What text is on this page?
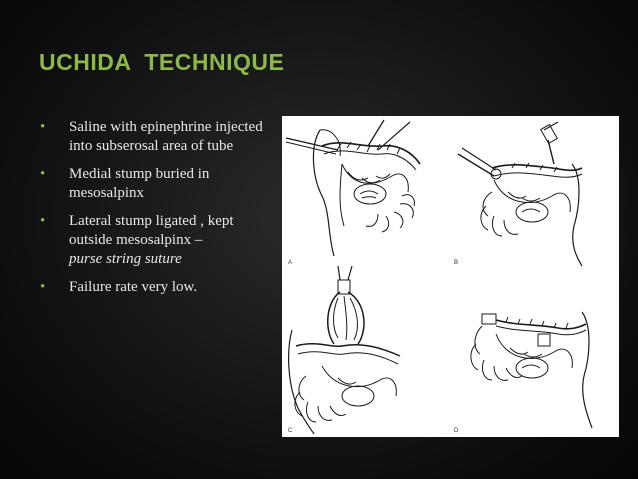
UCHIDA  TECHNIQUE
• Saline with epinephrine injected into subserosal area of tube
• Medial stump buried in mesosalpinx
• Lateral stump ligated , kept outside mesosalpinx –
purse string suture
• Failure rate very low.
A	B
C	D
